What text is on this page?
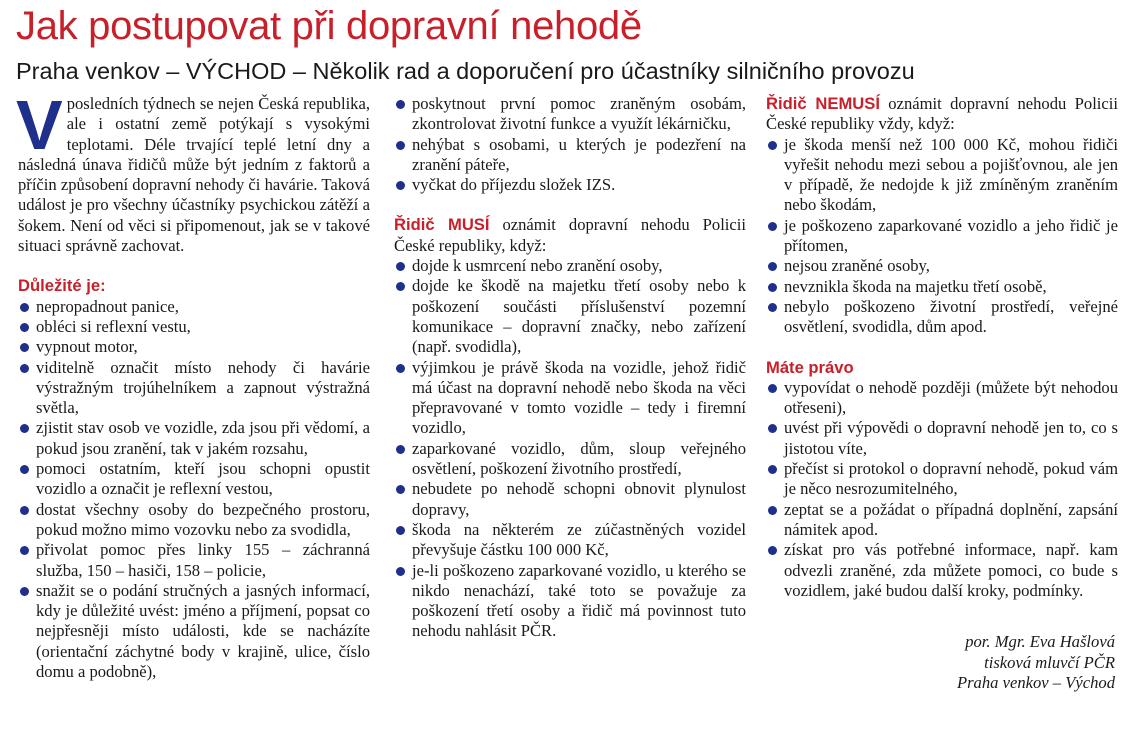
Jak postupovat při dopravní nehodě
Praha venkov – VÝCHOD – Několik rad a doporučení pro účastníky silničního provozu

Vposledních týdnech se nejen Česká republika, ale i ostatní země potýkají s vysokými teplotami. Déle trvající teplé letní dny a následná únava řidičů může být jedním z faktorů a příčin způsobení dopravní nehody či havárie. Taková událost je pro všechny účastníky psychickou zátěží a šokem. Není od věci si připomenout, jak se v takové situaci správně zachovat.

Důležité je:

nepropadnout panice,
obléci si reflexní vestu,
vypnout motor,
viditelně označit místo nehody či havárie výstražným trojúhelníkem a zapnout výstražná světla,
zjistit stav osob ve vozidle, zda jsou při vědomí, a pokud jsou zranění, tak v jakém rozsahu,
pomoci ostatním, kteří jsou schopni opustit vozidlo a označit je reflexní vestou,
dostat všechny osoby do bezpečného prostoru, pokud možno mimo vozovku nebo za svodidla,
přivolat pomoc přes linky 155 – záchranná služba, 150 – hasiči, 158 – policie,
snažit se o podání stručných a jasných informací, kdy je důležité uvést: jméno a příjmení, popsat co nejpřesněji místo události, kde se nacházíte (orientační záchytné body v krajině, ulice, číslo domu a podobně),
poskytnout první pomoc zraněným osobám, zkontrolovat životní funkce a využít lékárničku,
nehýbat s osobami, u kterých je podezření na zranění páteře,
vyčkat do příjezdu složek IZS.

Řidič MUSÍ oznámit dopravní nehodu Policii České republiky, když:

dojde k usmrcení nebo zranění osoby,
dojde ke škodě na majetku třetí osoby nebo k poškození součásti příslušenství pozemní komunikace – dopravní značky, nebo zařízení (např. svodidla),
výjimkou je právě škoda na vozidle, jehož řidič má účast na dopravní nehodě nebo škoda na věci přepravované v tomto vozidle – tedy i firemní vozidlo,
zaparkované vozidlo, dům, sloup veřejného osvětlení, poškození životního prostředí,
nebudete po nehodě schopni obnovit plynulost dopravy,
škoda na některém ze zúčastněných vozidel převyšuje částku 100 000 Kč,
je-li poškozeno zaparkované vozidlo, u kterého se nikdo nenachází, také toto se považuje za poškození třetí osoby a řidič má povinnost tuto nehodu nahlásit PČR.

Řidič NEMUSÍ oznámit dopravní nehodu Policii České republiky vždy, když:

je škoda menší než 100 000 Kč, mohou řidiči vyřešit nehodu mezi sebou a pojišťovnou, ale jen v případě, že nedojde k již zmíněným zraněním nebo škodám,
je poškozeno zaparkované vozidlo a jeho řidič je přítomen,
nejsou zraněné osoby,
nevznikla škoda na majetku třetí osobě,
nebylo poškozeno životní prostředí, veřejné osvětlení, svodidla, dům apod.

Máte právo

vypovídat o nehodě později (můžete být nehodou otřeseni),
uvést při výpovědi o dopravní nehodě jen to, co s jistotou víte,
přečíst si protokol o dopravní nehodě, pokud vám je něco nesrozumitelného,
zeptat se a požádat o případná doplnění, zapsání námitek apod.
získat pro vás potřebné informace, např. kam odvezli zraněné, zda můžete pomoci, co bude s vozidlem, jaké budou další kroky, podmínky.
por. Mgr. Eva Hašlová
tisková mluvčí PČR
Praha venkov – Východ
